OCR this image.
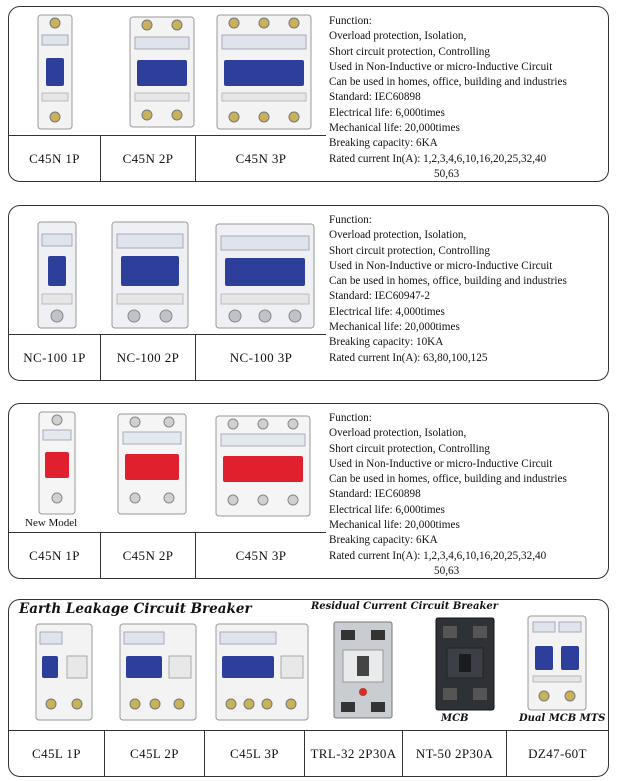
C45N 1P	C45N 2P	C45N 3P
Function:
Overload protection, Isolation,
Short circuit protection, Controlling
Used in Non-Inductive or micro-Inductive Circuit
Can be used in homes, office, building and industries
Standard: IEC60898
Electrical life: 6,000times
Mechanical life: 20,000times
Breaking capacity: 6KA
Rated current In(A): 1,2,3,4,6,10,16,20,25,32,40
50,63
NC-100 1P	NC-100 2P	NC-100 3P
Function:
Overload protection, Isolation,
Short circuit protection, Controlling
Used in Non-Inductive or micro-Inductive Circuit
Can be used in homes, office, building and industries
Standard: IEC60947-2
Electrical life: 4,000times
Mechanical life: 20,000times
Breaking capacity: 10KA
Rated current In(A): 63,80,100,125
New Model
C45N 1P	C45N 2P	C45N 3P
Function:
Overload protection, Isolation,
Short circuit protection, Controlling
Used in Non-Inductive or micro-Inductive Circuit
Can be used in homes, office, building and industries
Standard: IEC60898
Electrical life: 6,000times
Mechanical life: 20,000times
Breaking capacity: 6KA
Rated current In(A): 1,2,3,4,6,10,16,20,25,32,40
50,63
Earth Leakage Circuit Breaker	Residual Current Circuit Breaker
MCB	Dual MCB MTS
C45L 1P	C45L 2P	C45L 3P	TRL-32 2P30A	NT-50 2P30A	DZ47-60T
